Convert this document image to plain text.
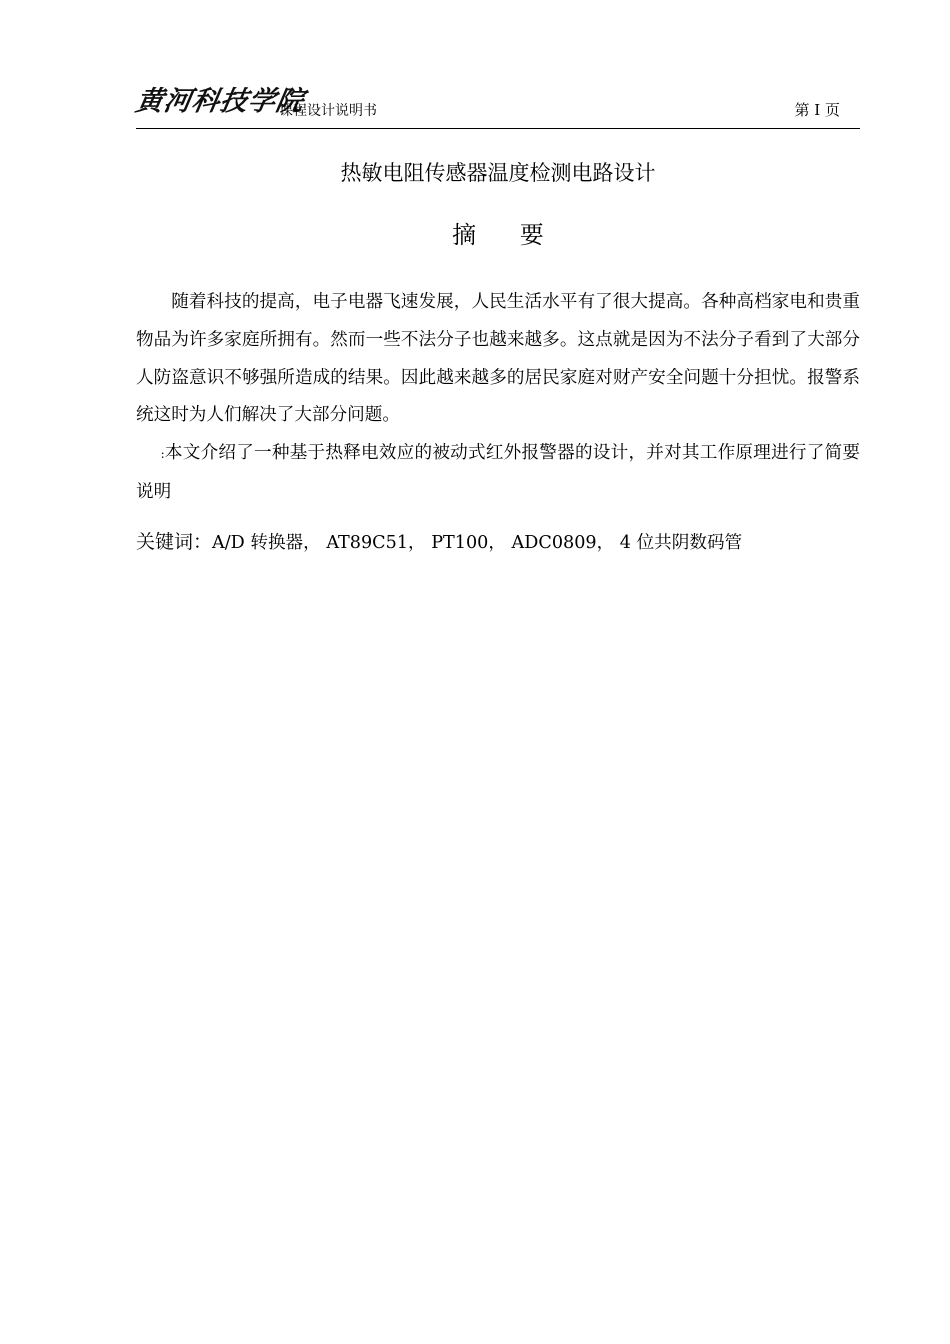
黄河科技学院
课程设计说明书	第 I 页
热敏电阻传感器温度检测电路设计
摘 要

随着科技的提高，电子电器飞速发展，人民生活水平有了很大提高。各种高档家电和贵重物品为许多家庭所拥有。然而一些不法分子也越来越多。这点就是因为不法分子看到了大部分人防盗意识不够强所造成的结果。因此越来越多的居民家庭对财产安全问题十分担忧。报警系统这时为人们解决了大部分问题。

:本文介绍了一种基于热释电效应的被动式红外报警器的设计，并对其工作原理进行了简要说明

关键词：A/D 转换器， AT89C51， PT100， ADC0809， 4 位共阴数码管
